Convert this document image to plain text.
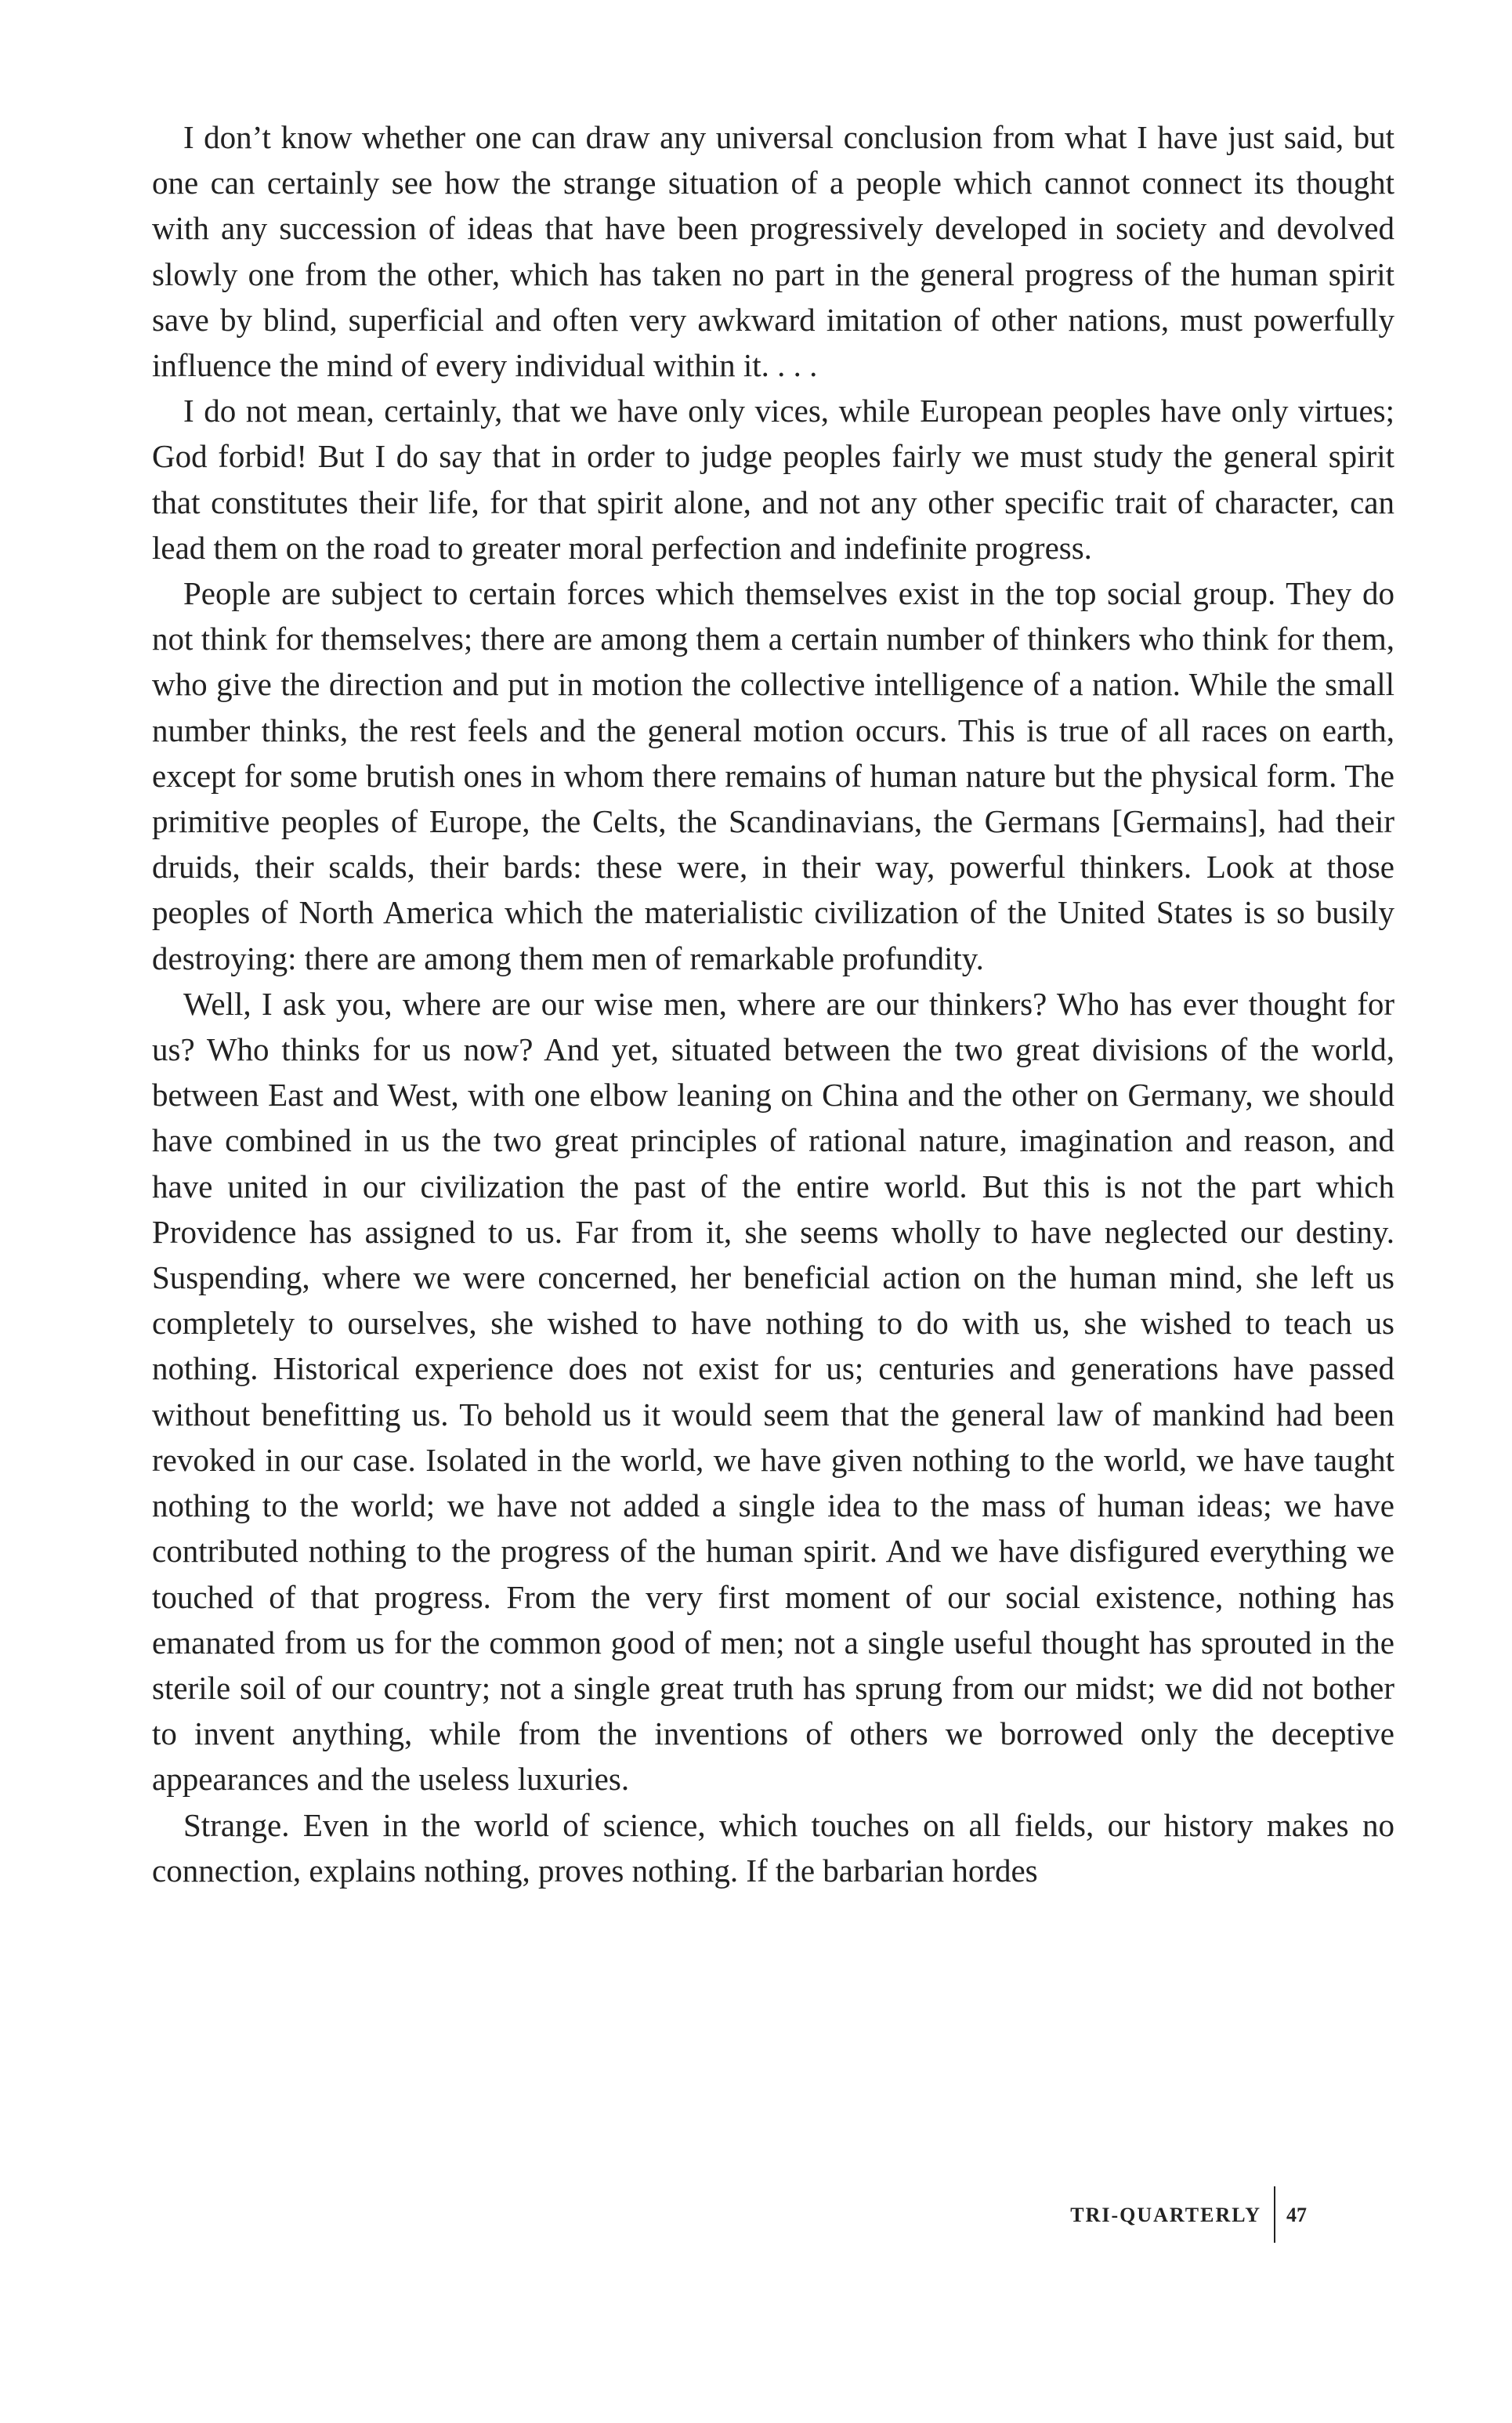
I don’t know whether one can draw any universal conclusion from what I have just said, but one can certainly see how the strange situation of a people which cannot connect its thought with any succession of ideas that have been progressively developed in society and devolved slowly one from the other, which has taken no part in the general progress of the human spirit save by blind, superficial and often very awkward imitation of other nations, must powerfully influence the mind of every individual within it. . . .

I do not mean, certainly, that we have only vices, while European peoples have only virtues; God forbid! But I do say that in order to judge peoples fairly we must study the general spirit that constitutes their life, for that spirit alone, and not any other specific trait of character, can lead them on the road to greater moral perfection and indefinite progress.

People are subject to certain forces which themselves exist in the top social group. They do not think for themselves; there are among them a certain number of thinkers who think for them, who give the direction and put in motion the collective intelligence of a nation. While the small number thinks, the rest feels and the general motion occurs. This is true of all races on earth, except for some brutish ones in whom there remains of human nature but the physical form. The primitive peoples of Europe, the Celts, the Scandinavians, the Germans [Germains], had their druids, their scalds, their bards: these were, in their way, powerful thinkers. Look at those peoples of North America which the materialistic civilization of the United States is so busily destroying: there are among them men of remarkable profundity.

Well, I ask you, where are our wise men, where are our thinkers? Who has ever thought for us? Who thinks for us now? And yet, situated between the two great divisions of the world, between East and West, with one elbow leaning on China and the other on Germany, we should have combined in us the two great principles of rational nature, imagination and reason, and have united in our civilization the past of the entire world. But this is not the part which Providence has assigned to us. Far from it, she seems wholly to have neglected our destiny. Suspending, where we were concerned, her beneficial action on the human mind, she left us completely to ourselves, she wished to have nothing to do with us, she wished to teach us nothing. Historical experience does not exist for us; centuries and generations have passed without benefitting us. To behold us it would seem that the general law of mankind had been revoked in our case. Isolated in the world, we have given nothing to the world, we have taught nothing to the world; we have not added a single idea to the mass of human ideas; we have contributed nothing to the progress of the human spirit. And we have disfigured everything we touched of that progress. From the very first moment of our social existence, nothing has emanated from us for the common good of men; not a single useful thought has sprouted in the sterile soil of our country; not a single great truth has sprung from our midst; we did not bother to invent anything, while from the inventions of others we borrowed only the deceptive appearances and the useless luxuries.

Strange. Even in the world of science, which touches on all fields, our history makes no connection, explains nothing, proves nothing. If the barbarian hordes

TRI-QUARTERLY 47
